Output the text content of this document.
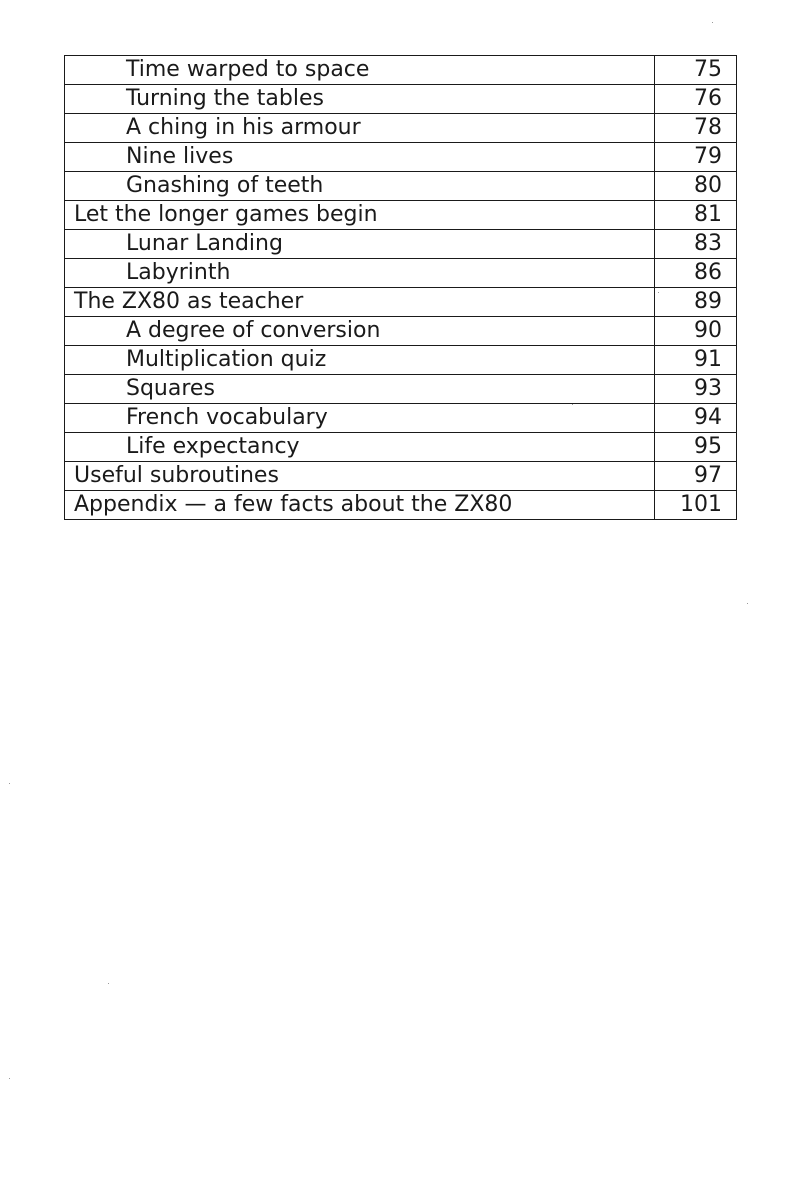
Time warped to space	75
Turning the tables	76
A ching in his armour	78
Nine lives	79
Gnashing of teeth	80
Let the longer games begin	81
Lunar Landing	83
Labyrinth	86
The ZX80 as teacher	89
A degree of conversion	90
Multiplication quiz	91
Squares	93
French vocabulary	94
Life expectancy	95
Useful subroutines	97
Appendix — a few facts about the ZX80	101
